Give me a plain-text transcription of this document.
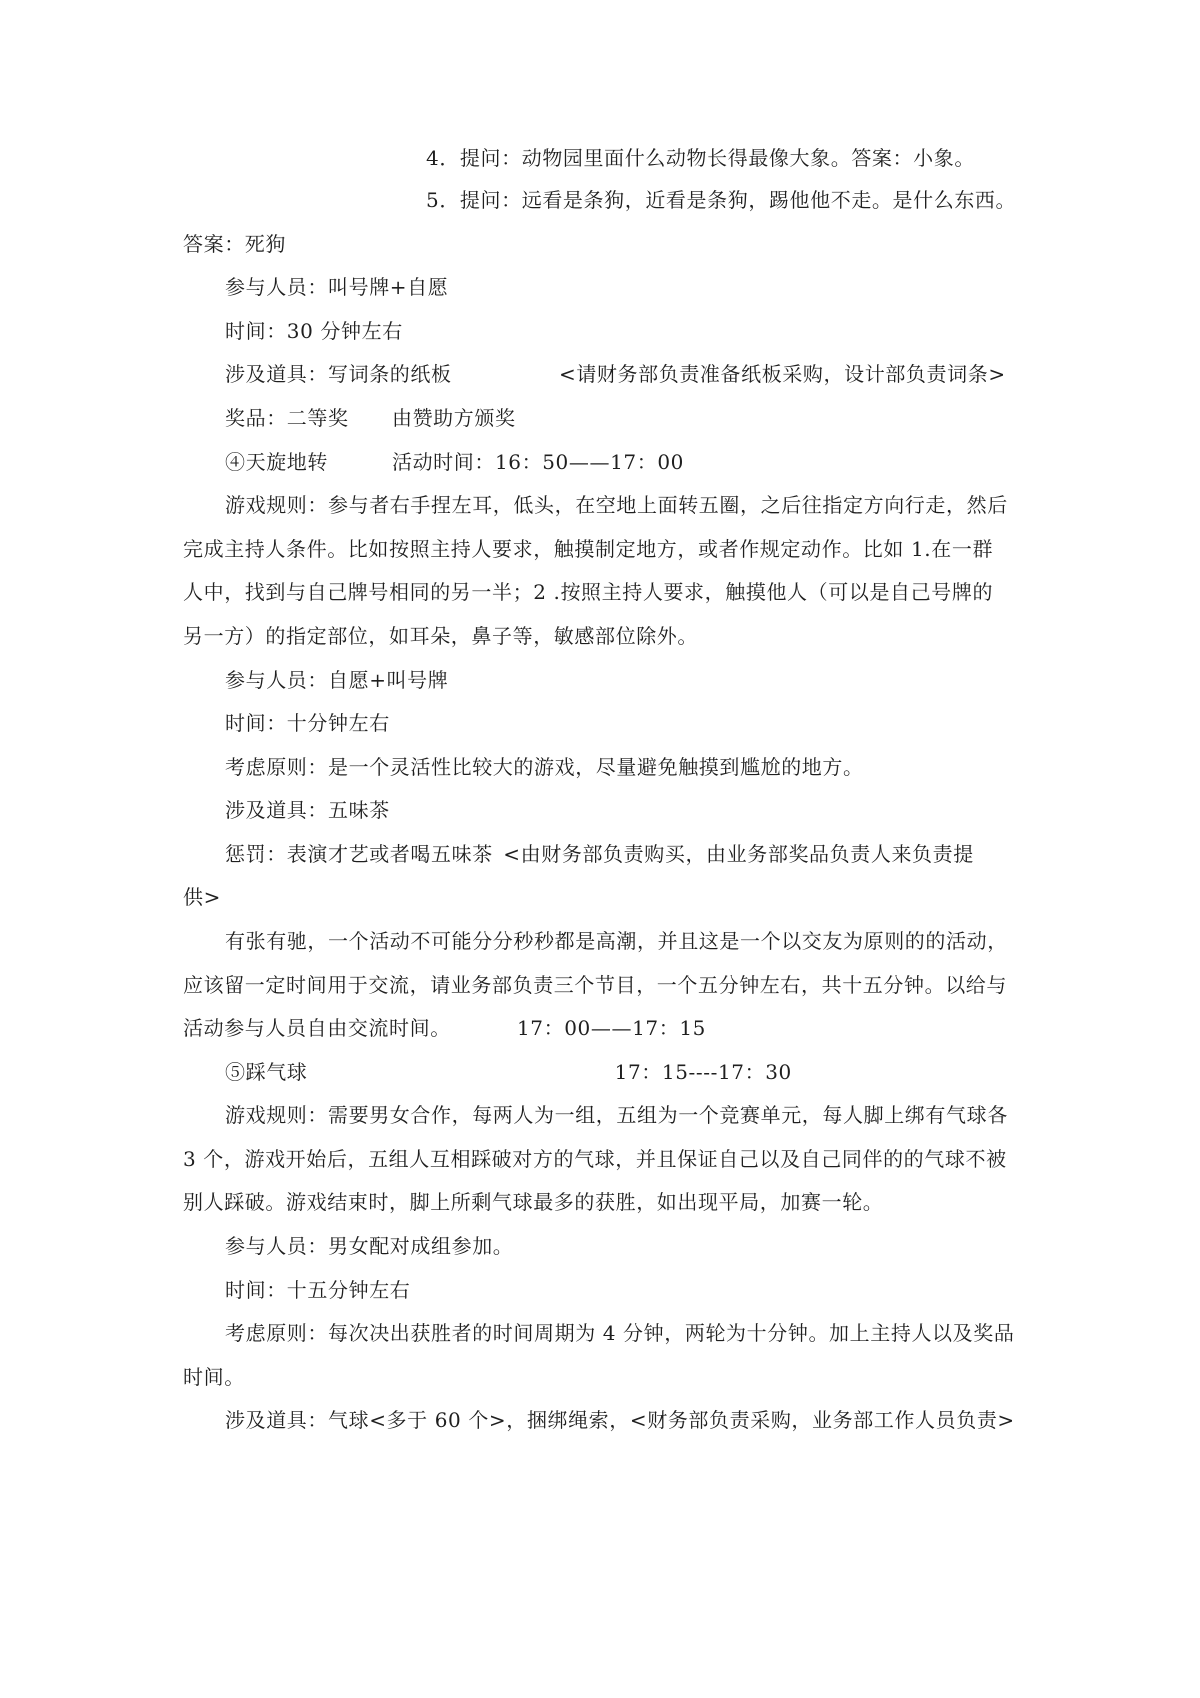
4．提问：动物园里面什么动物长得最像大象。答案：小象。
5．提问：远看是条狗，近看是条狗，踢他他不走。是什么东西。
答案：死狗
参与人员：叫号牌+自愿
时间：30 分钟左右
涉及道具：写词条的纸板		<请财务部负责准备纸板采购，设计部负责词条>
奖品：二等奖	由赞助方颁奖
④天旋地转		活动时间：16：50——17：00
游戏规则：参与者右手捏左耳，低头，在空地上面转五圈，之后往指定方向行走，然后
完成主持人条件。比如按照主持人要求，触摸制定地方，或者作规定动作。比如 1.在一群
人中，找到与自己牌号相同的另一半；2 .按照主持人要求，触摸他人（可以是自己号牌的
另一方）的指定部位，如耳朵，鼻子等，敏感部位除外。
参与人员：自愿+叫号牌
时间：十分钟左右
考虑原则：是一个灵活性比较大的游戏，尽量避免触摸到尴尬的地方。
涉及道具：五味茶
惩罚：表演才艺或者喝五味茶	<由财务部负责购买，由业务部奖品负责人来负责提
供>
有张有驰，一个活动不可能分分秒秒都是高潮，并且这是一个以交友为原则的的活动，
应该留一定时间用于交流，请业务部负责三个节目，一个五分钟左右，共十五分钟。以给与
活动参与人员自由交流时间。		17：00——17：15
⑤踩气球						17：15----17：30
游戏规则：需要男女合作，每两人为一组，五组为一个竞赛单元，每人脚上绑有气球各
3 个，游戏开始后，五组人互相踩破对方的气球，并且保证自己以及自己同伴的的气球不被
别人踩破。游戏结束时，脚上所剩气球最多的获胜，如出现平局，加赛一轮。
参与人员：男女配对成组参加。
时间：十五分钟左右
考虑原则：每次决出获胜者的时间周期为 4 分钟，两轮为十分钟。加上主持人以及奖品
时间。
涉及道具：气球<多于 60 个>，捆绑绳索，<财务部负责采购，业务部工作人员负责>
